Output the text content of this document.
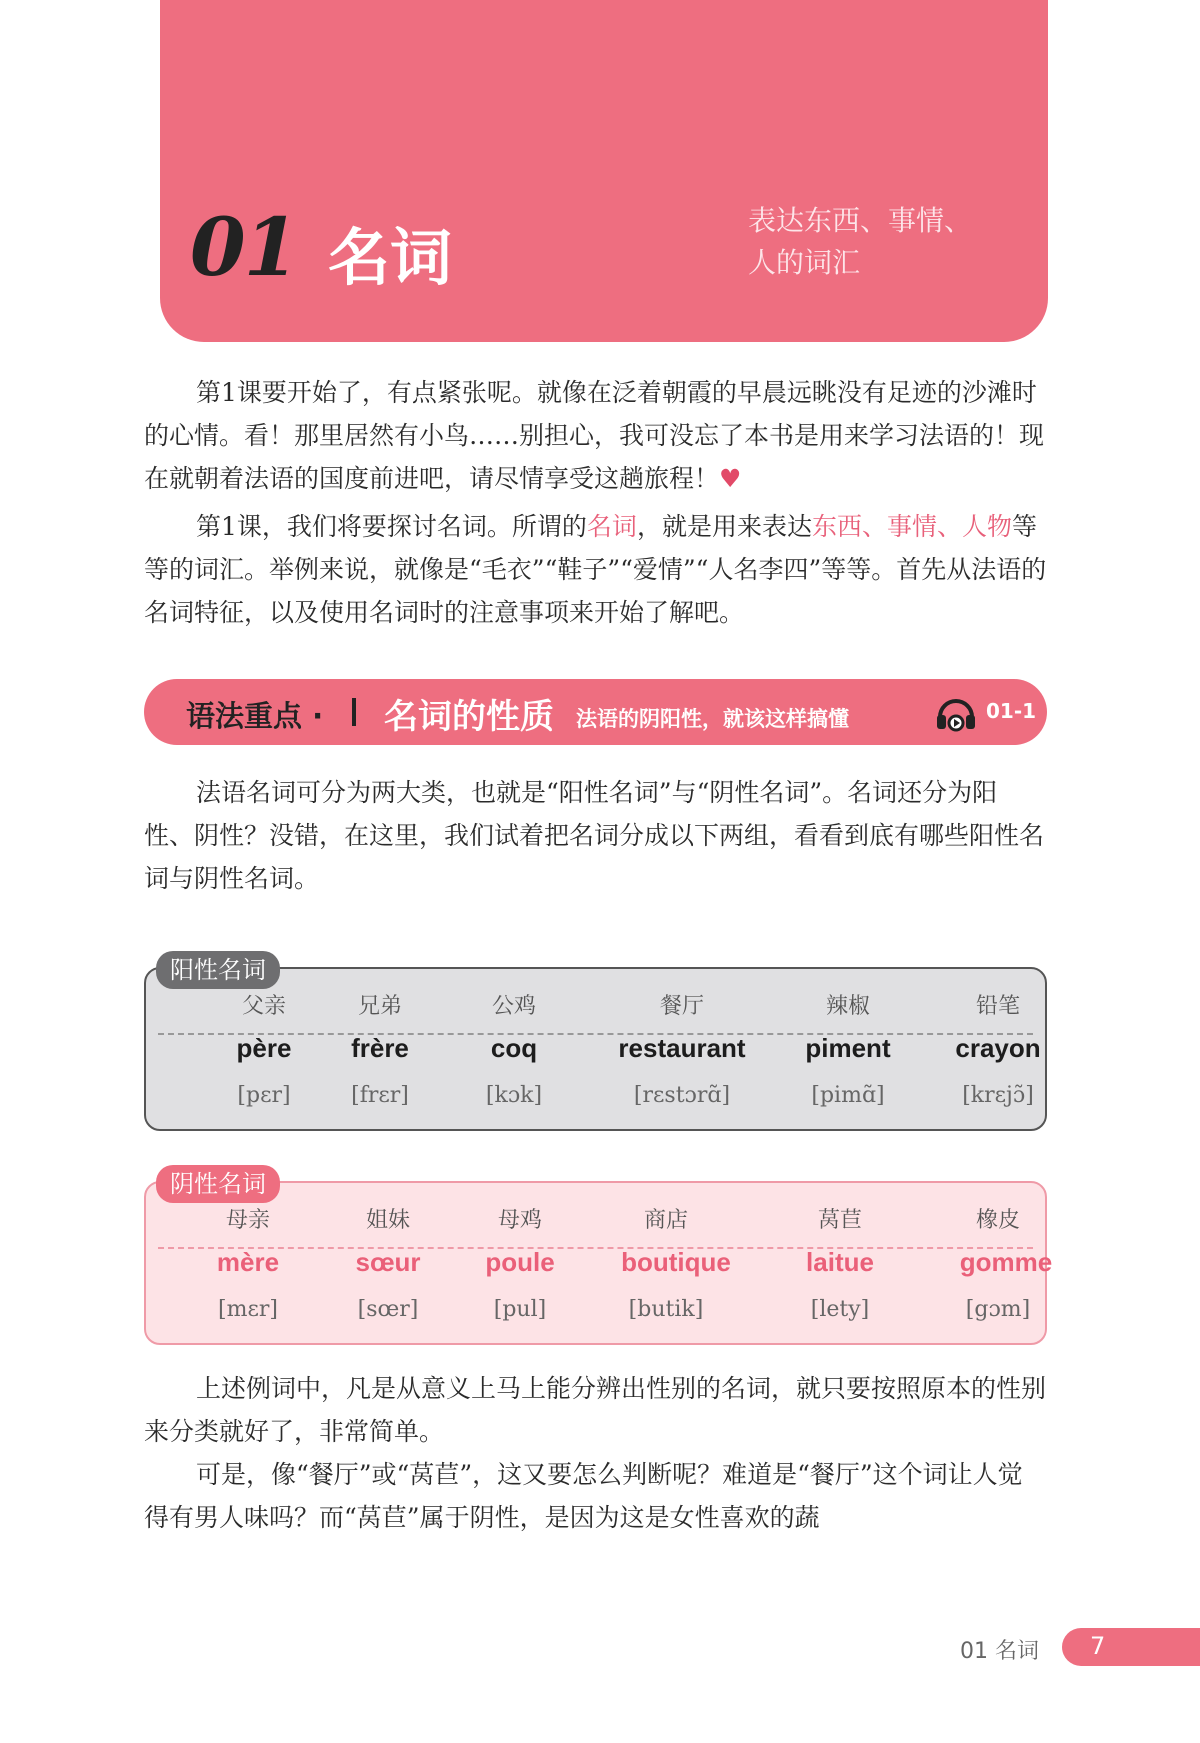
01 名词
表达东西、事情、
人的词汇

第1课要开始了，有点紧张呢。就像在泛着朝霞的早晨远眺没有足迹的沙滩时的心情。看！那里居然有小鸟……别担心，我可没忘了本书是用来学习法语的！现在就朝着法语的国度前进吧，请尽情享受这趟旅程！♥

第1课，我们将要探讨名词。所谓的名词，就是用来表达东西、事情、人物等等的词汇。举例来说，就像是“毛衣”“鞋子”“爱情”“人名李四”等等。首先从法语的名词特征，以及使用名词时的注意事项来开始了解吧。

语法重点 · 名词的性质 法语的阴阳性，就该这样搞懂	01-1

法语名词可分为两大类，也就是“阳性名词”与“阴性名词”。名词还分为阳性、阴性？没错，在这里，我们试着把名词分成以下两组，看看到底有哪些阳性名词与阴性名词。

阳性名词
父亲	兄弟	公鸡	餐厅	辣椒	铅笔
père	frère	coq	restaurant	piment	crayon
[pɛr]	[frɛr]	[kɔk]	[rɛstɔrɑ̃]	[pimɑ̃]	[krɛjɔ̃]
阴性名词
母亲	姐妹	母鸡	商店	莴苣	橡皮
mère	sœur	poule	boutique	laitue	gomme
[mɛr]	[sœr]	[pul]	[butik]	[lety]	[gɔm]

上述例词中，凡是从意义上马上能分辨出性别的名词，就只要按照原本的性别来分类就好了，非常简单。

可是，像“餐厅”或“莴苣”，这又要怎么判断呢？难道是“餐厅”这个词让人觉得有男人味吗？而“莴苣”属于阴性，是因为这是女性喜欢的蔬

01 名词 7
